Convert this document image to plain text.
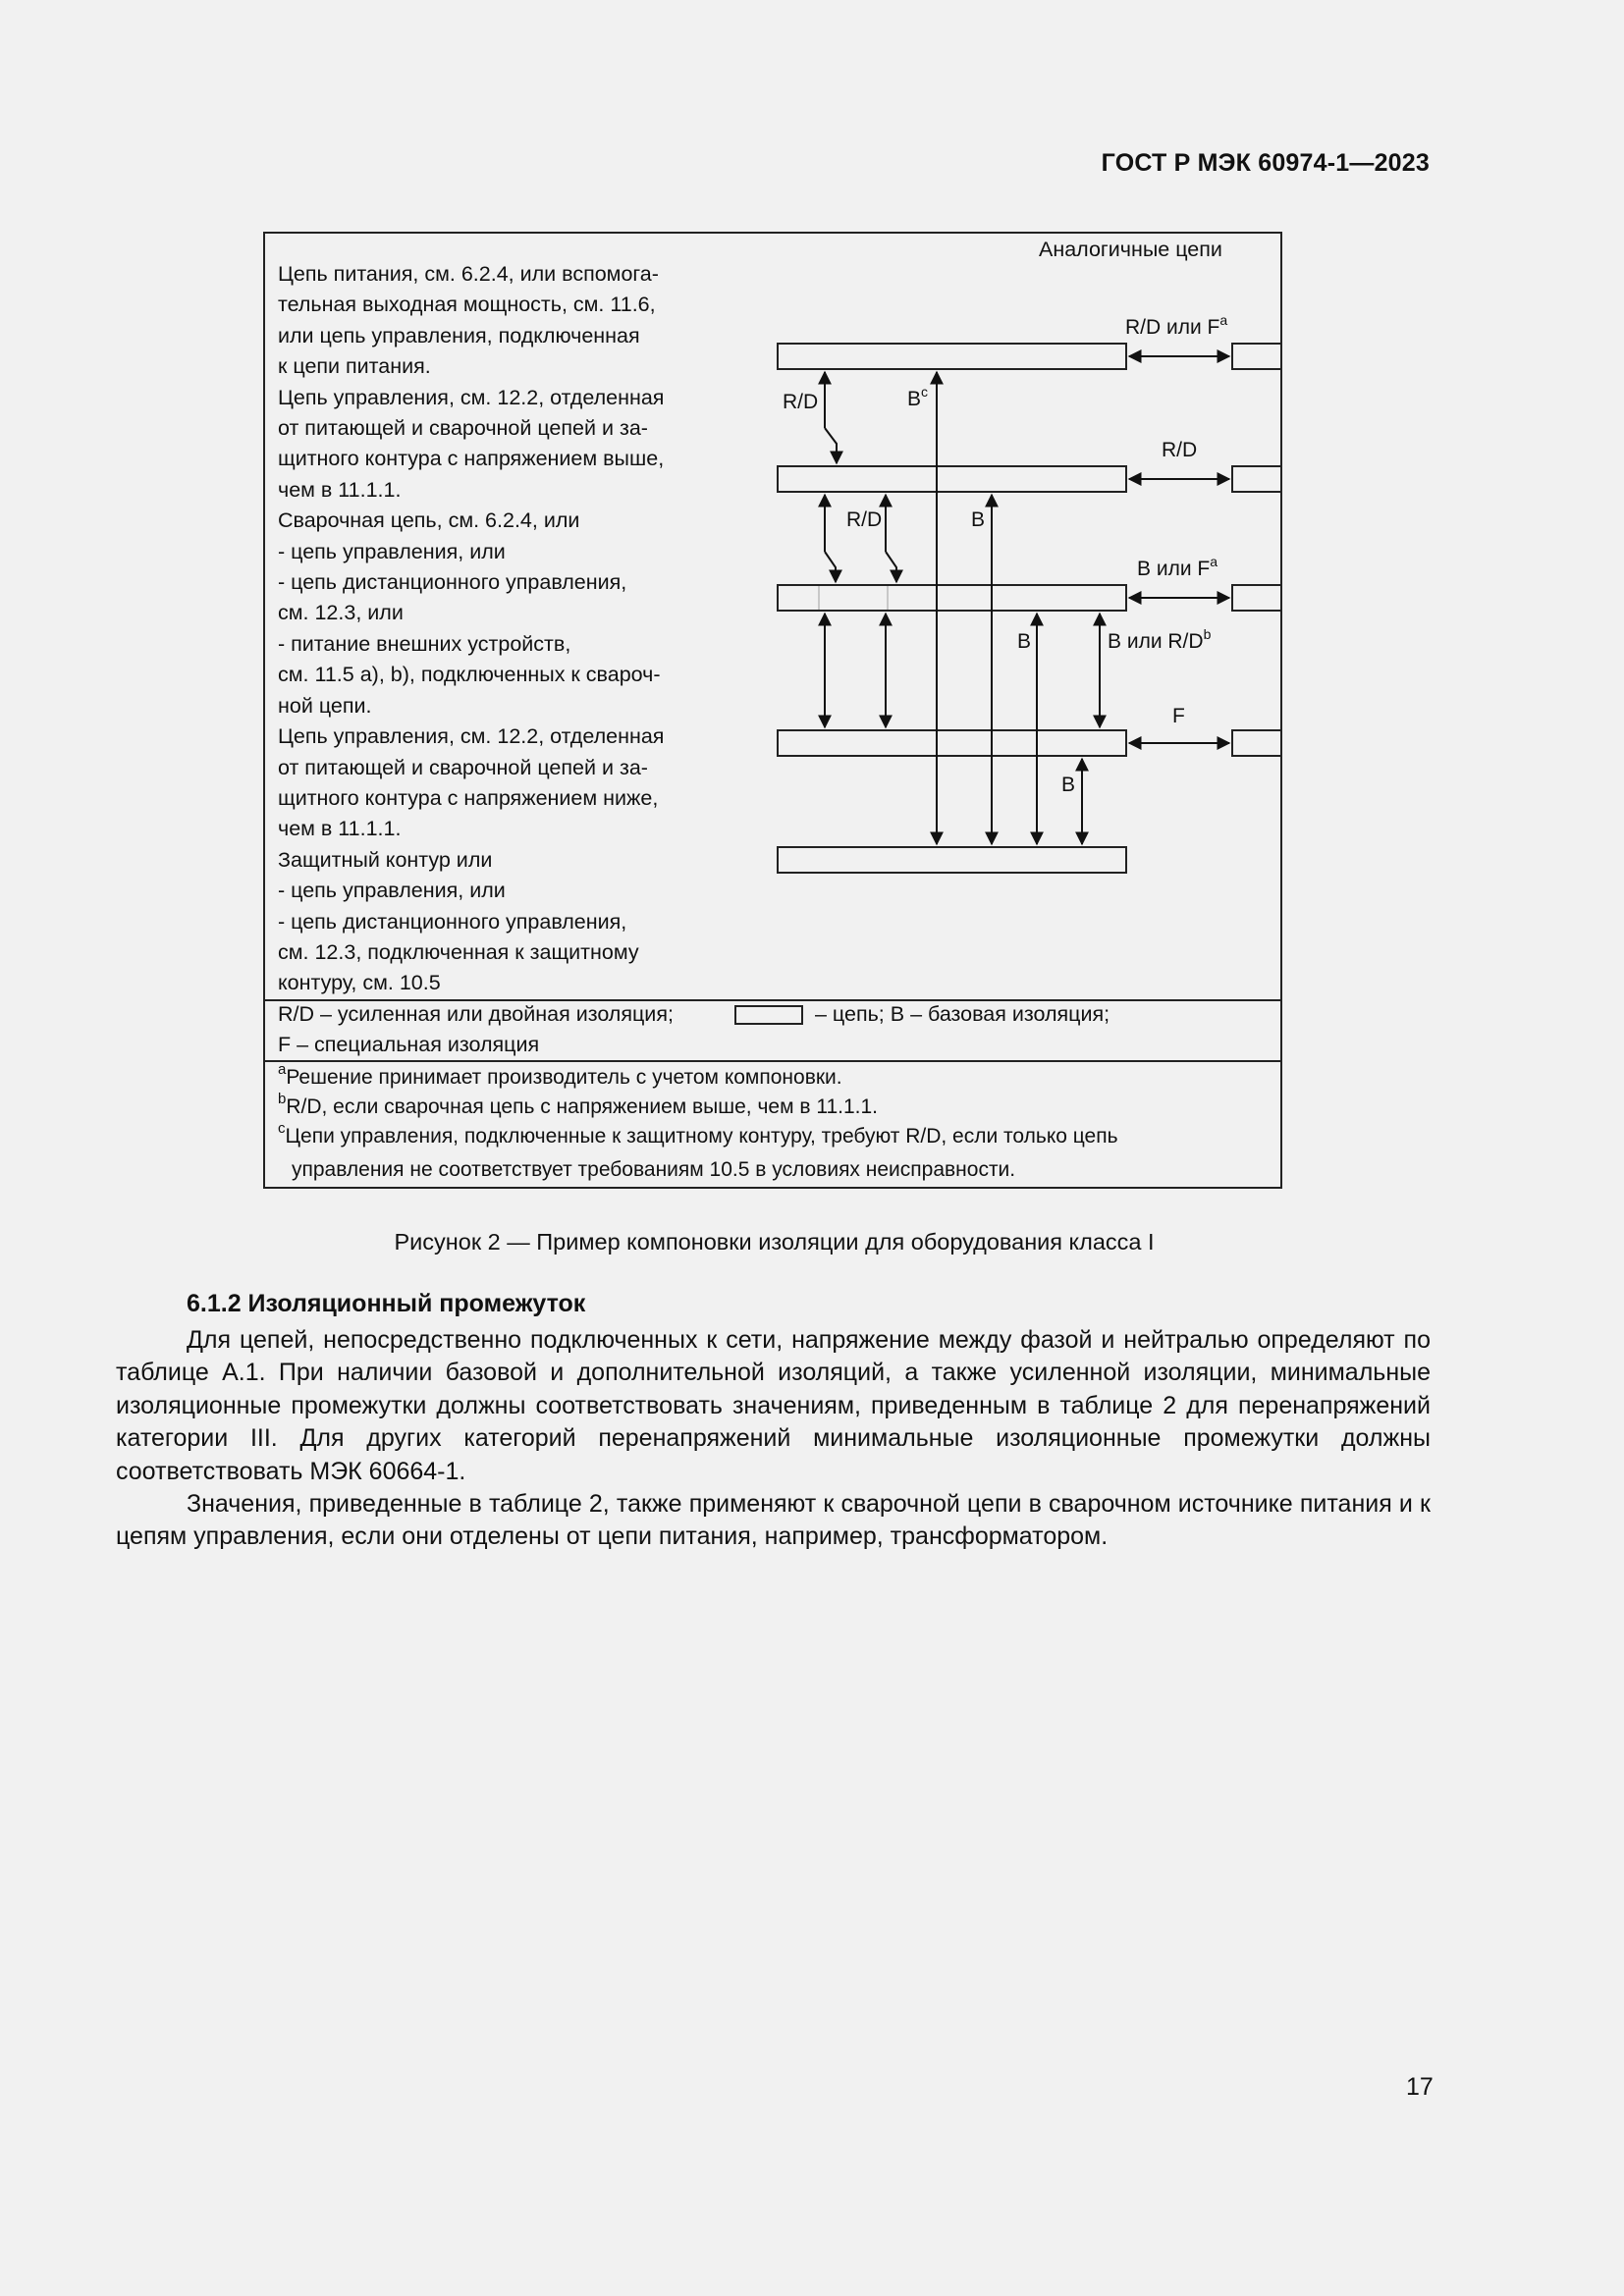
ГОСТ Р МЭК 60974-1—2023
Цепь питания, см. 6.2.4, или вспомога-
тельная выходная мощность, см. 11.6,
или цепь управления, подключенная
к цепи питания.
Цепь управления, см. 12.2, отделенная
от питающей и сварочной цепей и за-
щитного контура с напряжением выше,
чем в 11.1.1.
Сварочная цепь, см. 6.2.4, или
- цепь управления, или
- цепь дистанционного управления,
см. 12.3, или
- питание внешних устройств,
см. 11.5 a), b), подключенных к свароч-
ной цепи.
Цепь управления, см. 12.2, отделенная
от питающей и сварочной цепей и за-
щитного контура с напряжением ниже,
чем в 11.1.1.
Защитный контур или
- цепь управления, или
- цепь дистанционного управления,
см. 12.3, подключенная к защитному
контуру, см. 10.5
Аналогичные цепи
R/D или $F^a$
R/D	$B^c$
R/D
R/D	B
B или $F^a$
B	B или $R/D^b$
F
B
R/D – усиленная или двойная изоляция;	– цепь; B – базовая изоляция;
F – специальная изоляция
$^a$Решение принимает производитель с учетом компоновки.
$^b$R/D, если сварочная цепь с напряжением выше, чем в 11.1.1.
$^c$Цепи управления, подключенные к защитному контуру, требуют R/D, если только цепь
управления не соответствует требованиям 10.5 в условиях неисправности.
Рисунок 2 — Пример компоновки изоляции для оборудования класса I
6.1.2 Изоляционный промежуток
Для цепей, непосредственно подключенных к сети, напряжение между фазой и нейтралью определяют по таблице A.1. При наличии базовой и дополнительной изоляций, а также усиленной изоляции, минимальные изоляционные промежутки должны соответствовать значениям, приведенным в таблице 2 для перенапряжений категории III. Для других категорий перенапряжений минимальные изоляционные промежутки должны соответствовать МЭК 60664-1.
Значения, приведенные в таблице 2, также применяют к сварочной цепи в сварочном источнике питания и к цепям управления, если они отделены от цепи питания, например, трансформатором.
17
